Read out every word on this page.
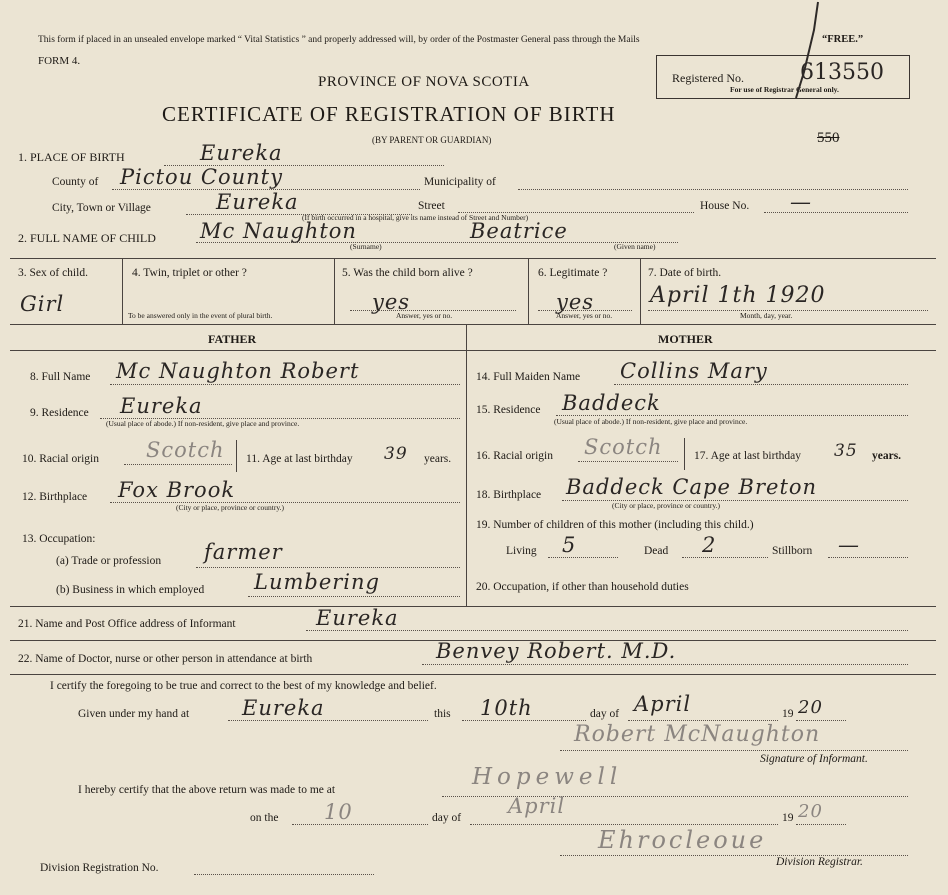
This form if placed in an unsealed envelope marked “ Vital Statistics ” and properly addressed will, by order of the Postmaster General pass through the Mails	“FREE.”
FORM 4.
PROVINCE OF NOVA SCOTIA
CERTIFICATE OF REGISTRATION OF BIRTH
(BY PARENT OR GUARDIAN)
Registered No.	613550
For use of Registrar General only.
550
1. PLACE OF BIRTH	Eureka
County of Pictou County	Municipality of
City, Town or Village	Eureka	Street	House No. —
(If birth occurred in a hospital, give its name instead of Street and Number)
2. FULL NAME OF CHILD Mc Naughton
(Surname)
Beatrice
(Given name)
3. Sex of child.
Girl
4. Twin, triplet or other ?
To be answered only in the event of plural birth.
5. Was the child born alive ?
yes
Answer, yes or no.
6. Legitimate ?
yes
Answer, yes or no.
7. Date of birth.
April 1th 1920
Month, day, year.
FATHER	MOTHER
8. Full Name Mc Naughton Robert
9. Residence Eureka
(Usual place of abode.) If non-resident, give place and province.
10. Racial origin Scotch 11. Age at last birthday 39 years.
12. Birthplace Fox Brook
(City or place, province or country.)
13. Occupation:
(a) Trade or profession farmer
(b) Business in which employed Lumbering
14. Full Maiden Name Collins Mary
15. Residence Baddeck
(Usual place of abode.) If non-resident, give place and province.
16. Racial origin Scotch	17. Age at last birthday 35 years.
18. Birthplace Baddeck Cape Breton
(City or place, province or country.)
19. Number of children of this mother (including this child.)
Living 5	Dead 2	Stillborn —
20. Occupation, if other than household duties
21. Name and Post Office address of Informant	Eureka
22. Name of Doctor, nurse or other person in attendance at birth	Benvey Robert. M.D.
I certify the foregoing to be true and correct to the best of my knowledge and belief.
Given under my hand at	Eureka	this 10th	day of April	19 20
Robert McNaughton
Signature of Informant.
I hereby certify that the above return was made to me at	Hopewell
on the 10	day of April	19 20
Ehrocleoue
Division Registrar.
Division Registration No.
